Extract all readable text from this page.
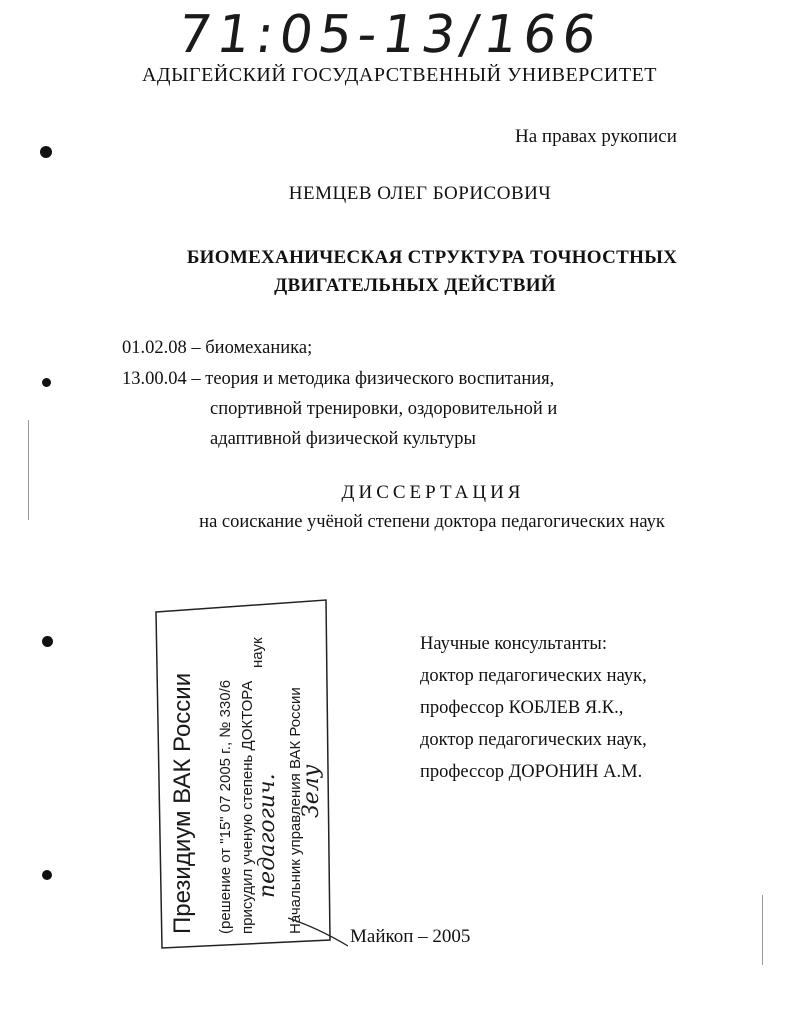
71:05-13/166
АДЫГЕЙСКИЙ ГОСУДАРСТВЕННЫЙ УНИВЕРСИТЕТ
На правах рукописи
НЕМЦЕВ ОЛЕГ БОРИСОВИЧ
БИОМЕХАНИЧЕСКАЯ СТРУКТУРА ТОЧНОСТНЫХ
ДВИГАТЕЛЬНЫХ ДЕЙСТВИЙ
01.02.08 – биомеханика;
13.00.04 – теория и методика физического воспитания,
спортивной тренировки, оздоровительной и
адаптивной физической культуры
ДИССЕРТАЦИЯ
на соискание учёной степени доктора педагогических наук
Научные консультанты:
доктор педагогических наук,
профессор КОБЛЕВ Я.К.,
доктор педагогических наук,
профессор ДОРОНИН А.М.
Президиум ВАК России (решение от "15" 07 2005 г., № 330/6 присудил ученую степень ДОКТОРА педагогич.
наук
Начальник управления ВАК России
Зелу
Майкоп – 2005
